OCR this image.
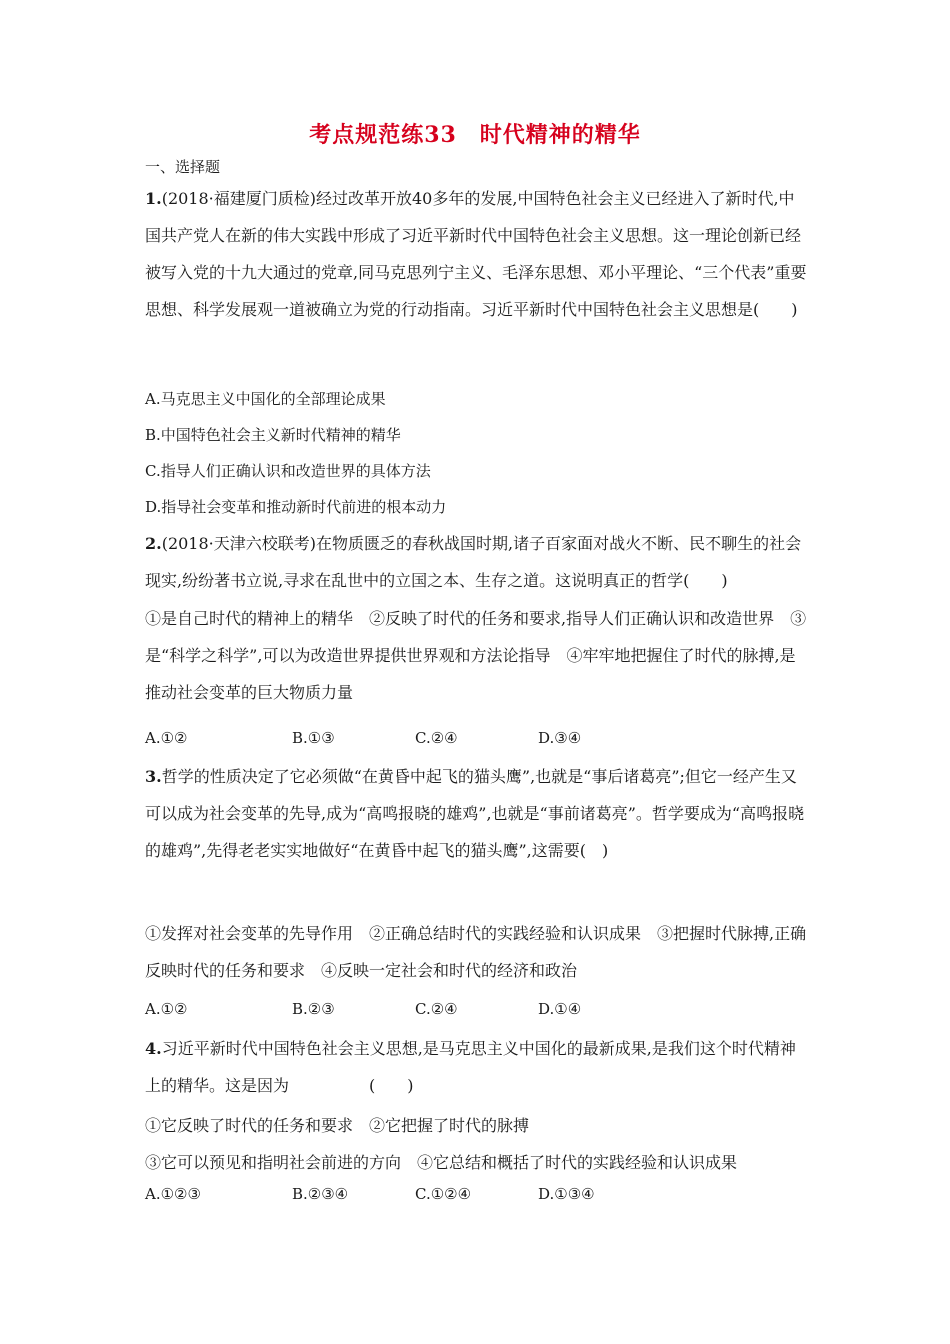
考点规范练33　时代精神的精华
一、选择题
1.(2018·福建厦门质检)经过改革开放40多年的发展,中国特色社会主义已经进入了新时代,中国共产党人在新的伟大实践中形成了习近平新时代中国特色社会主义思想。这一理论创新已经被写入党的十九大通过的党章,同马克思列宁主义、毛泽东思想、邓小平理论、“三个代表”重要思想、科学发展观一道被确立为党的行动指南。习近平新时代中国特色社会主义思想是(　　)
A.马克思主义中国化的全部理论成果
B.中国特色社会主义新时代精神的精华
C.指导人们正确认识和改造世界的具体方法
D.指导社会变革和推动新时代前进的根本动力
2.(2018·天津六校联考)在物质匮乏的春秋战国时期,诸子百家面对战火不断、民不聊生的社会现实,纷纷著书立说,寻求在乱世中的立国之本、生存之道。这说明真正的哲学(　　)
①是自己时代的精神上的精华　②反映了时代的任务和要求,指导人们正确认识和改造世界　③是“科学之科学”,可以为改造世界提供世界观和方法论指导　④牢牢地把握住了时代的脉搏,是推动社会变革的巨大物质力量
A.①②	B.①③	C.②④	D.③④
3.哲学的性质决定了它必须做“在黄昏中起飞的猫头鹰”,也就是“事后诸葛亮”;但它一经产生又可以成为社会变革的先导,成为“高鸣报晓的雄鸡”,也就是“事前诸葛亮”。哲学要成为“高鸣报晓的雄鸡”,先得老老实实地做好“在黄昏中起飞的猫头鹰”,这需要(　)
①发挥对社会变革的先导作用　②正确总结时代的实践经验和认识成果　③把握时代脉搏,正确反映时代的任务和要求　④反映一定社会和时代的经济和政治
A.①②	B.②③	C.②④	D.①④
4.习近平新时代中国特色社会主义思想,是马克思主义中国化的最新成果,是我们这个时代精神上的精华。这是因为　　　　　(　　)
①它反映了时代的任务和要求　②它把握了时代的脉搏
③它可以预见和指明社会前进的方向　④它总结和概括了时代的实践经验和认识成果
A.①②③	B.②③④	C.①②④	D.①③④
